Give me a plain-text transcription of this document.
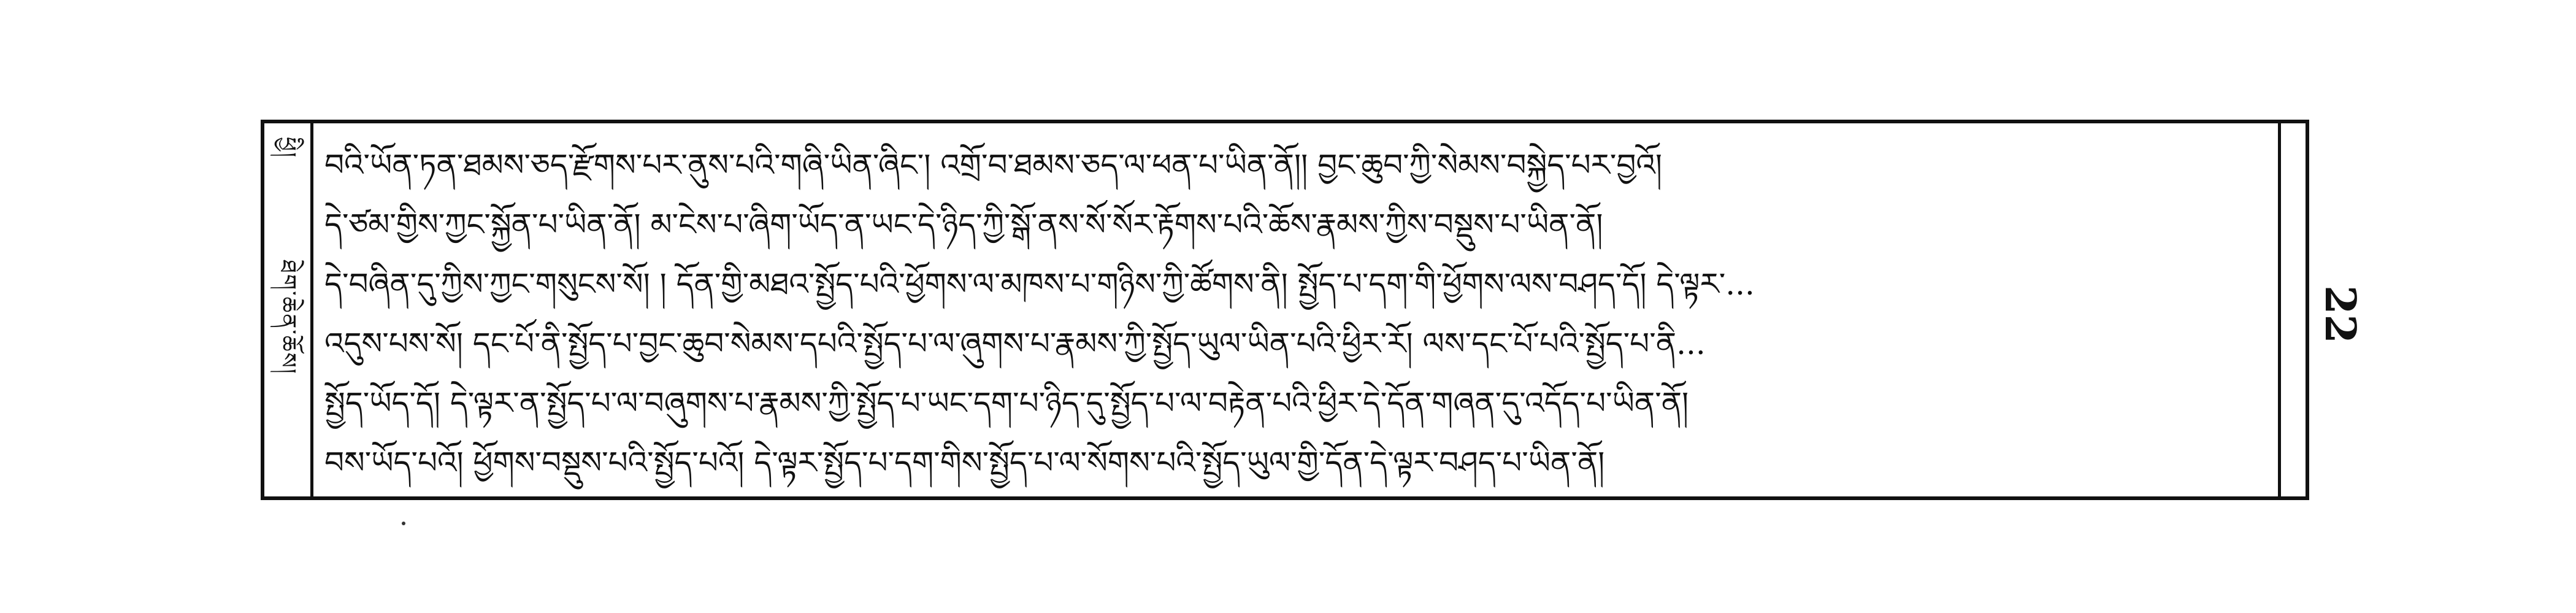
ཕྱི།
ཐེག་ཆེན་ཆོས།
བའི་ཡོན་ཏན་ཐམས་ཅད་རྫོགས་པར་ནུས་པའི་གཞི་ཡིན་ཞིང་། འགྲོ་བ་ཐམས་ཅད་ལ་ཕན་པ་ཡིན་ནོ།། བྱང་ཆུབ་ཀྱི་སེམས་བསྐྱེད་པར་བྱའོ།
དེ་ཙམ་གྱིས་ཀྱང་སྐྱོན་པ་ཡིན་ནོ། མ་ངེས་པ་ཞིག་ཡོད་ན་ཡང་དེ་ཉིད་ཀྱི་སྒོ་ནས་སོ་སོར་རྟོགས་པའི་ཆོས་རྣམས་ཀྱིས་བསྡུས་པ་ཡིན་ནོ།
དེ་བཞིན་དུ་ཀྱིས་ཀྱང་གསུངས་སོ། ། དོན་གྱི་མཐའ་སྤྱོད་པའི་ཕྱོགས་ལ་མཁས་པ་གཉིས་ཀྱི་ཚོགས་ནི། སྤྱོད་པ་དག་གི་ཕྱོགས་ལས་བཤད་དོ། དེ་ལྟར་...
འདུས་པས་སོ། དང་པོ་ནི་སྤྱོད་པ་བྱང་ཆུབ་སེམས་དཔའི་སྤྱོད་པ་ལ་ཞུགས་པ་རྣམས་ཀྱི་སྤྱོད་ཡུལ་ཡིན་པའི་ཕྱིར་རོ། ལས་དང་པོ་པའི་སྤྱོད་པ་ནི...
སྤྱོད་ཡོད་དོ། དེ་ལྟར་ན་སྤྱོད་པ་ལ་བཞུགས་པ་རྣམས་ཀྱི་སྤྱོད་པ་ཡང་དག་པ་ཉིད་དུ་སྤྱོད་པ་ལ་བརྟེན་པའི་ཕྱིར་དེ་དོན་གཞན་དུ་འདོད་པ་ཡིན་ནོ།
བས་ཡོད་པའོ། ཕྱོགས་བསྡུས་པའི་སྤྱོད་པའོ། དེ་ལྟར་སྤྱོད་པ་དག་གིས་སྤྱོད་པ་ལ་སོགས་པའི་སྤྱོད་ཡུལ་གྱི་དོན་དེ་ལྟར་བཤད་པ་ཡིན་ནོ།
22
